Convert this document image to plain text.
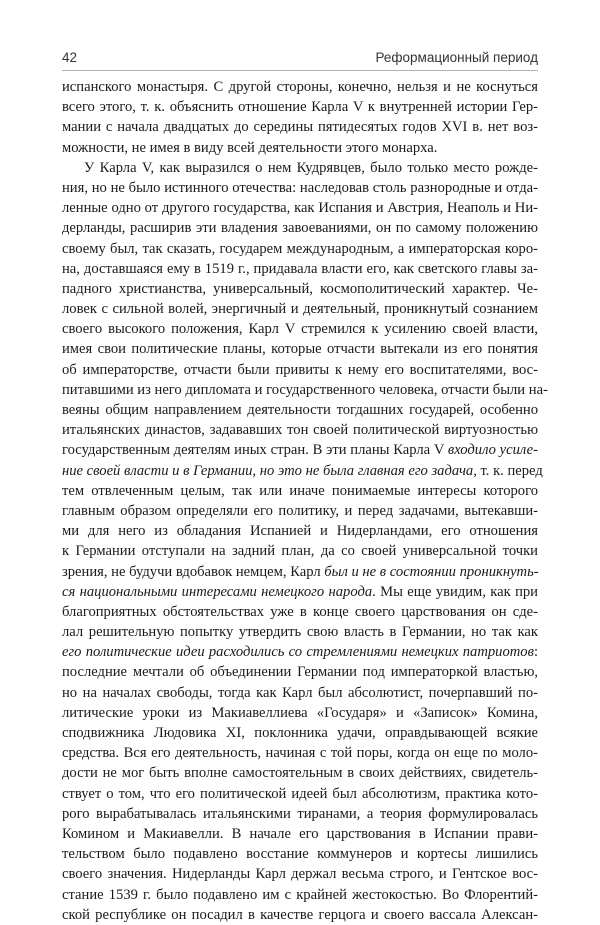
42	Реформационный период
испанского монастыря. С другой стороны, конечно, нельзя и не коснуться
всего этого, т. к. объяснить отношение Карла V к внутренней истории Гер-
мании с начала двадцатых до середины пятидесятых годов XVI в. нет воз-
можности, не имея в виду всей деятельности этого монарха.
У Карла V, как выразился о нем Кудрявцев, было только место рожде-
ния, но не было истинного отечества: наследовав столь разнородные и отда-
ленные одно от другого государства, как Испания и Австрия, Неаполь и Ни-
дерланды, расширив эти владения завоеваниями, он по самому положению
своему был, так сказать, государем международным, а императорская коро-
на, доставшаяся ему в 1519 г., придавала власти его, как светского главы за-
падного христианства, универсальный, космополитический характер. Че-
ловек с сильной волей, энергичный и деятельный, проникнутый сознанием
своего высокого положения, Карл V стремился к усилению своей власти,
имея свои политические планы, которые отчасти вытекали из его понятия
об императорстве, отчасти были привиты к нему его воспитателями, вос-
питавшими из него дипломата и государственного человека, отчасти были на-
веяны общим направлением деятельности тогдашних государей, особенно
итальянских династов, задававших тон своей политической виртуозностью
государственным деятелям иных стран. В эти планы Карла V входило усиле-
ние своей власти и в Германии, но это не была главная его задача, т. к. перед
тем отвлеченным целым, так или иначе понимаемые интересы которого
главным образом определяли его политику, и перед задачами, вытекавши-
ми для него из обладания Испанией и Нидерландами, его отношения
к Германии отступали на задний план, да со своей универсальной точки
зрения, не будучи вдобавок немцем, Карл был и не в состоянии проникнуть-
ся национальными интересами немецкого народа. Мы еще увидим, как при
благоприятных обстоятельствах уже в конце своего царствования он сде-
лал решительную попытку утвердить свою власть в Германии, но так как
его политические идеи расходились со стремлениями немецких патриотов:
последние мечтали об объединении Германии под императоркой властью,
но на началах свободы, тогда как Карл был абсолютист, почерпавший по-
литические уроки из Макиавеллиева «Государя» и «Записок» Комина,
сподвижника Людовика XI, поклонника удачи, оправдывающей всякие
средства. Вся его деятельность, начиная с той поры, когда он еще по моло-
дости не мог быть вполне самостоятельным в своих действиях, свидетель-
ствует о том, что его политической идеей был абсолютизм, практика кото-
рого вырабатывалась итальянскими тиранами, а теория формулировалась
Комином и Макиавелли. В начале его царствования в Испании прави-
тельством было подавлено восстание коммунеров и кортесы лишились
своего значения. Нидерланды Карл держал весьма строго, и Гентское вос-
стание 1539 г. было подавлено им с крайней жестокостью. Во Флорентий-
ской республике он посадил в качестве герцога и своего вассала Алексан-
